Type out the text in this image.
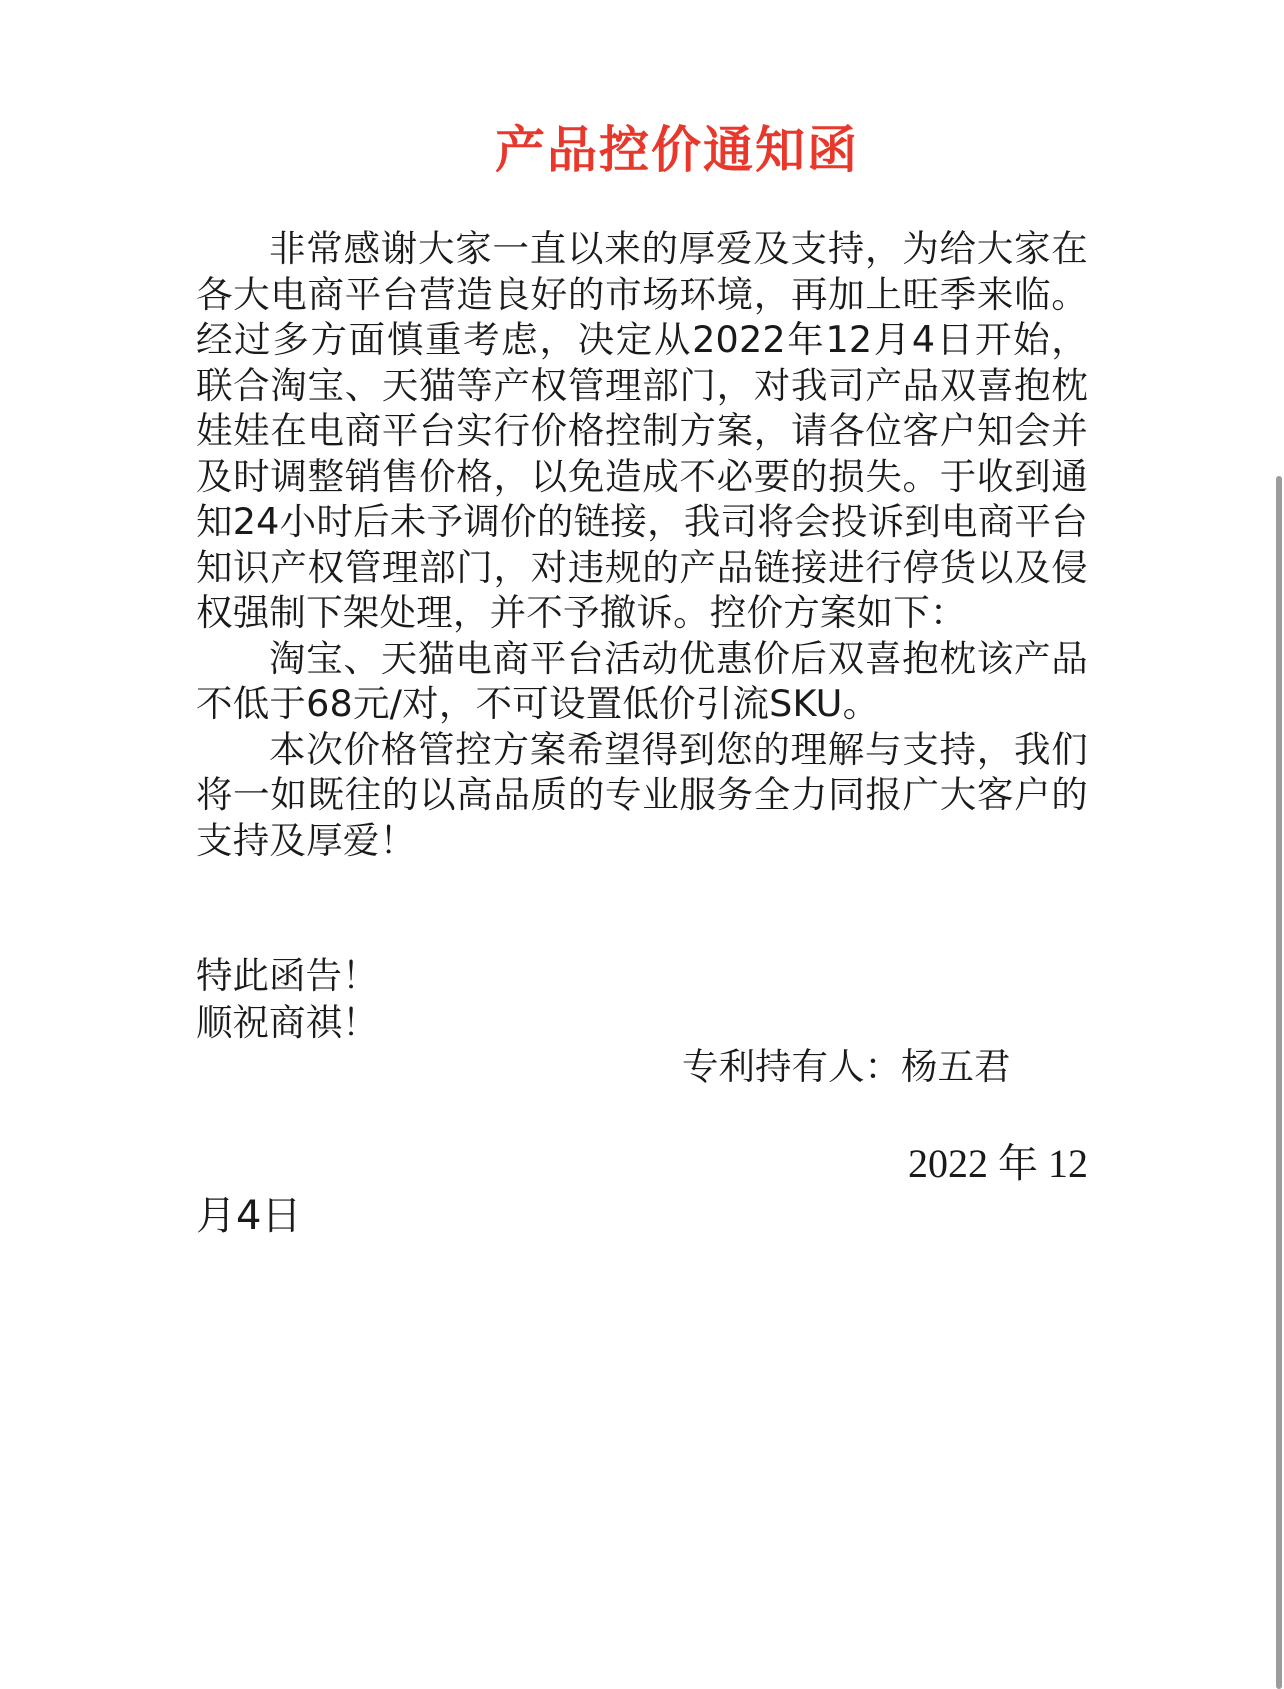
产品控价通知函

非常感谢大家一直以来的厚爱及支持，为给大家在各大电商平台营造良好的市场环境，再加上旺季来临。经过多方面慎重考虑，决定从2022年12月4日开始，联合淘宝、天猫等产权管理部门，对我司产品双喜抱枕娃娃在电商平台实行价格控制方案，请各位客户知会并及时调整销售价格，以免造成不必要的损失。于收到通知24小时后未予调价的链接，我司将会投诉到电商平台知识产权管理部门，对违规的产品链接进行停货以及侵权强制下架处理，并不予撤诉。控价方案如下：

淘宝、天猫电商平台活动优惠价后双喜抱枕该产品不低于68元/对，不可设置低价引流SKU。

本次价格管控方案希望得到您的理解与支持，我们将一如既往的以高品质的专业服务全力同报广大客户的支持及厚爱！

特此函告！
顺祝商祺！
专利持有人：杨五君
2022 年 12
月4日
